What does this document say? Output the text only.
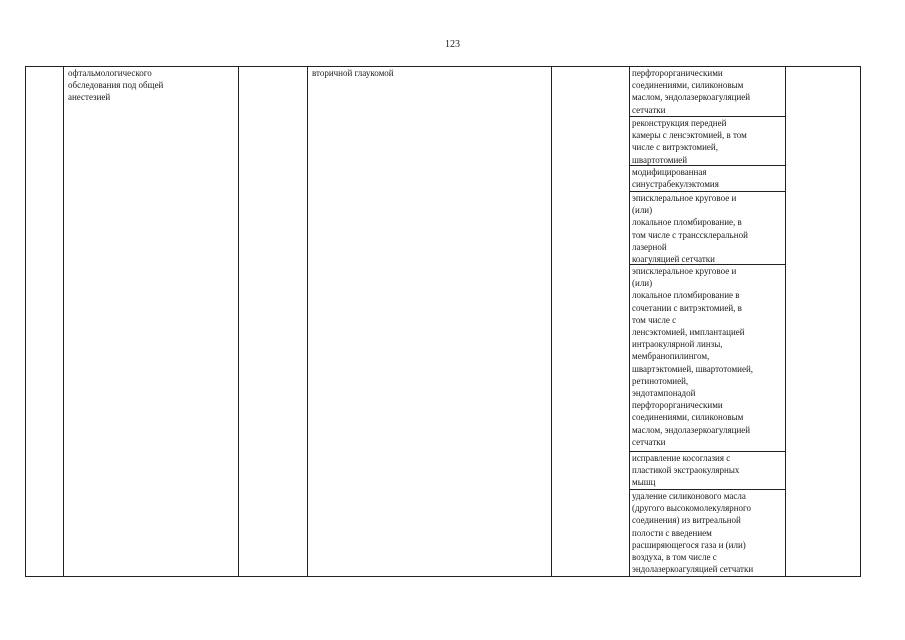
123
офтальмологического
обследования под общей
анестезией
вторичной глаукомой	перфторорганическими
соединениями, силиконовым
маслом, эндолазеркоагуляцией
сетчатки
реконструкция передней
камеры с ленсэктомией, в том
числе с витрэктомией,
швартотомией
модифицированная
синустрабекулэктомия
эписклеральное круговое и
(или)
локальное пломбирование, в
том числе с транссклеральной
лазерной
коагуляцией сетчатки
эписклеральное круговое и
(или)
локальное пломбирование в
сочетании с витрэктомией, в
том числе с
ленсэктомией, имплантацией
интраокулярной линзы,
мембранопилингом,
швартэктомией, швартотомией,
ретинотомией,
эндотампонадой
перфторорганическими
соединениями, силиконовым
маслом, эндолазеркоагуляцией
сетчатки
исправление косоглазия с
пластикой экстраокулярных
мышц
удаление силиконового масла
(другого высокомолекулярного
соединения) из витреальной
полости с введением
расширяющегося газа и (или)
воздуха, в том числе с
эндолазеркоагуляцией сетчатки
